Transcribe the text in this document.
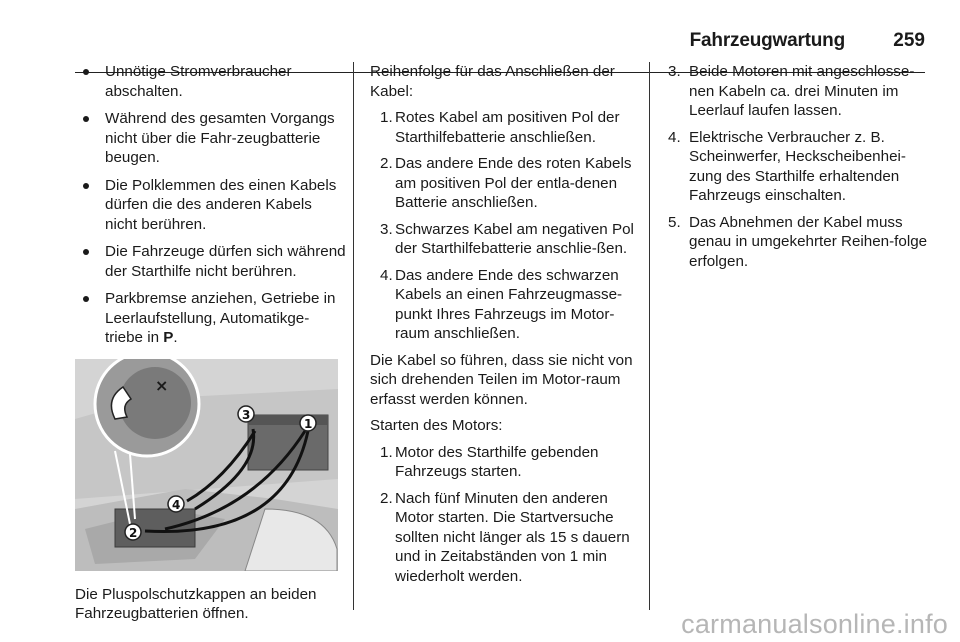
Fahrzeugwartung	259
Unnötige Stromverbraucher abschalten.
Während des gesamten Vorgangs nicht über die Fahr-zeugbatterie beugen.
Die Polklemmen des einen Kabels dürfen die des anderen Kabels nicht berühren.
Die Fahrzeuge dürfen sich während der Starthilfe nicht berühren.
Parkbremse anziehen, Getriebe in Leerlaufstellung, Automatikge-triebe in P.
×
1
2
3
4

Die Pluspolschutzkappen an beiden Fahrzeugbatterien öffnen.

Reihenfolge für das Anschließen der Kabel:

1. Rotes Kabel am positiven Pol der Starthilfebatterie anschließen.
2. Das andere Ende des roten Kabels am positiven Pol der entla-denen Batterie anschließen.
3. Schwarzes Kabel am negativen Pol der Starthilfebatterie anschlie-ßen.
4. Das andere Ende des schwarzen Kabels an einen Fahrzeugmasse-punkt Ihres Fahrzeugs im Motor-raum anschließen.

Die Kabel so führen, dass sie nicht von sich drehenden Teilen im Motor-raum erfasst werden können.

Starten des Motors:

1. Motor des Starthilfe gebenden Fahrzeugs starten.
2. Nach fünf Minuten den anderen Motor starten. Die Startversuche sollten nicht länger als 15 s dauern und in Zeitabständen von 1 min wiederholt werden.
3. Beide Motoren mit angeschlosse-nen Kabeln ca. drei Minuten im Leerlauf laufen lassen.
4. Elektrische Verbraucher z. B. Scheinwerfer, Heckscheibenhei-zung des Starthilfe erhaltenden Fahrzeugs einschalten.
5. Das Abnehmen der Kabel muss genau in umgekehrter Reihen-folge erfolgen.
carmanualsonline.info
